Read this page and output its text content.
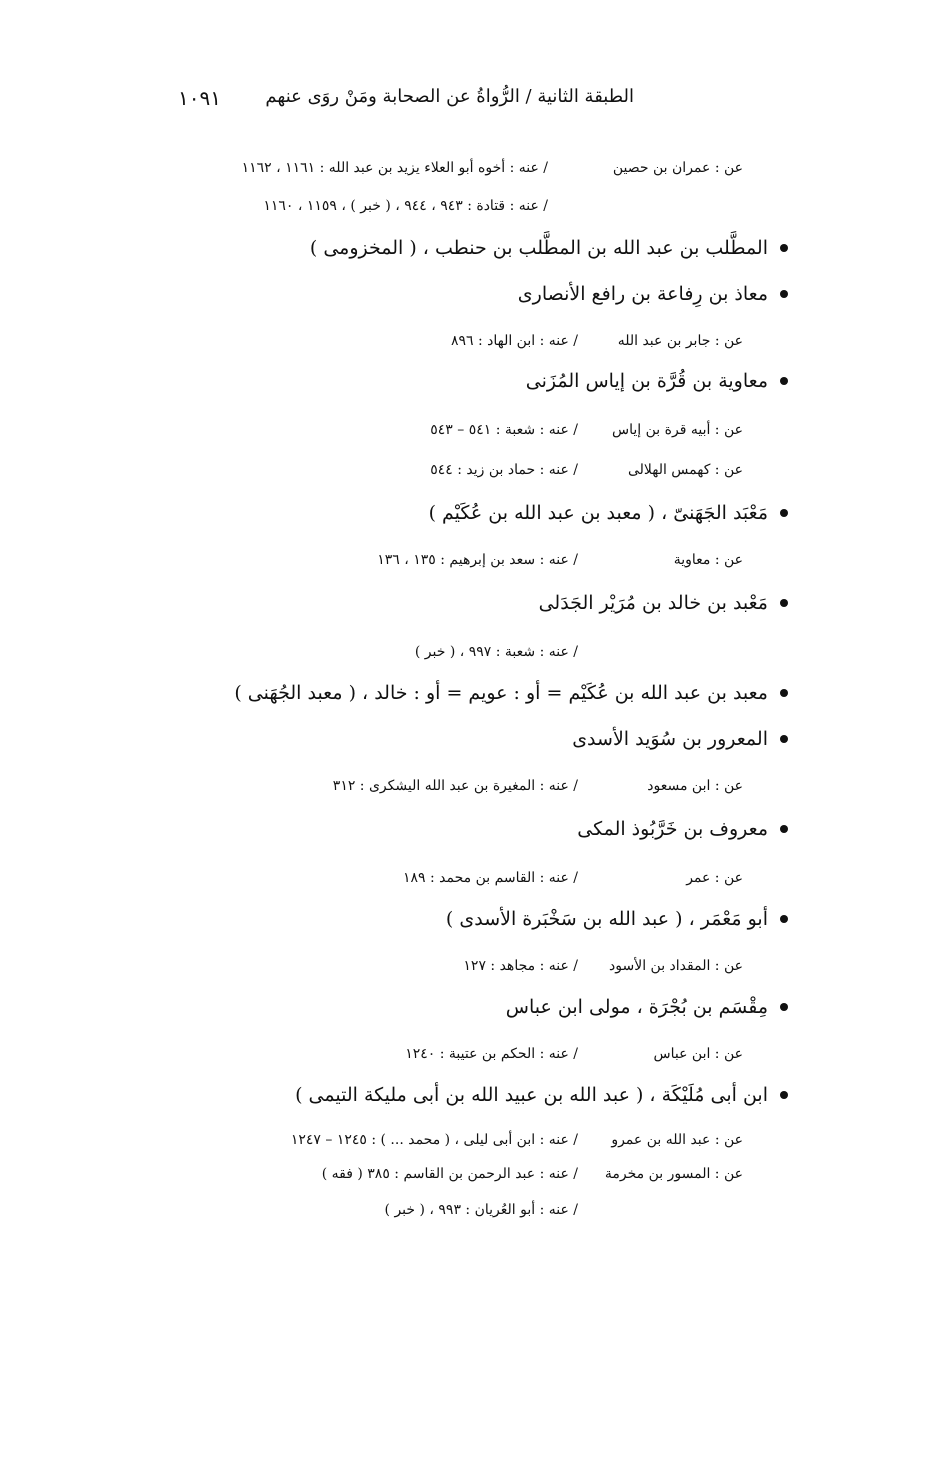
الطبقة الثانية / الرُّواةُ عن الصحابة ومَنْ روَى عنهم
١٠٩١
عن : عمران بن حصين
/ عنه : أخوه أبو العلاء يزيد بن عبد الله : ١١٦١ ، ١١٦٢
/ عنه : قتادة : ٩٤٣ ، ٩٤٤ ، ( خبر ) ، ١١٥٩ ، ١١٦٠
المطَّلب بن عبد الله بن المطَّلب بن حنطب ، ( المخزومى )
معاذ بن رِفاعة بن رافع الأنصارى
عن : جابر بن عبد الله
/ عنه : ابن الهاد : ٨٩٦
معاوية بن قُرَّة بن إياس المُزَنى
عن : أبيه قرة بن إياس
/ عنه : شعبة : ٥٤١ – ٥٤٣
عن : كهمس الهلالى
/ عنه : حماد بن زيد : ٥٤٤
مَعْبَد الجَهَنىّ ، ( معبد بن عبد الله بن عُكَيْم )
عن : معاوية
/ عنه : سعد بن إبرهيم : ١٣٥ ، ١٣٦
مَعْبد بن خالد بن مُرَيْر الجَدَلى
/ عنه : شعبة : ٩٩٧ ، ( خبر )
معبد بن عبد الله بن عُكَيْم = أو : عويم = أو : خالد ، ( معبد الجُهَنى )
المعرور بن سُوَيد الأسدى
عن : ابن مسعود
/ عنه : المغيرة بن عبد الله اليشكرى : ٣١٢
معروف بن خَرَّبُوذ المكى
عن : عمر
/ عنه : القاسم بن محمد : ١٨٩
أبو مَعْمَر ، ( عبد الله بن سَخْبَرة الأسدى )
عن : المقداد بن الأسود
/ عنه : مجاهد : ١٢٧
مِقْسَم بن بُجْرَة ، مولى ابن عباس
عن : ابن عباس
/ عنه : الحكم بن عتيبة : ١٢٤٠
ابن أبى مُلَيْكَة ، ( عبد الله بن عبيد الله بن أبى مليكة التيمى )
عن : عبد الله بن عمرو
/ عنه : ابن أبى ليلى ، ( محمد ... ) : ١٢٤٥ – ١٢٤٧
عن : المسور بن مخرمة
/ عنه : عبد الرحمن بن القاسم : ٣٨٥ ( فقه )
/ عنه : أبو العُريان : ٩٩٣ ، ( خبر )
